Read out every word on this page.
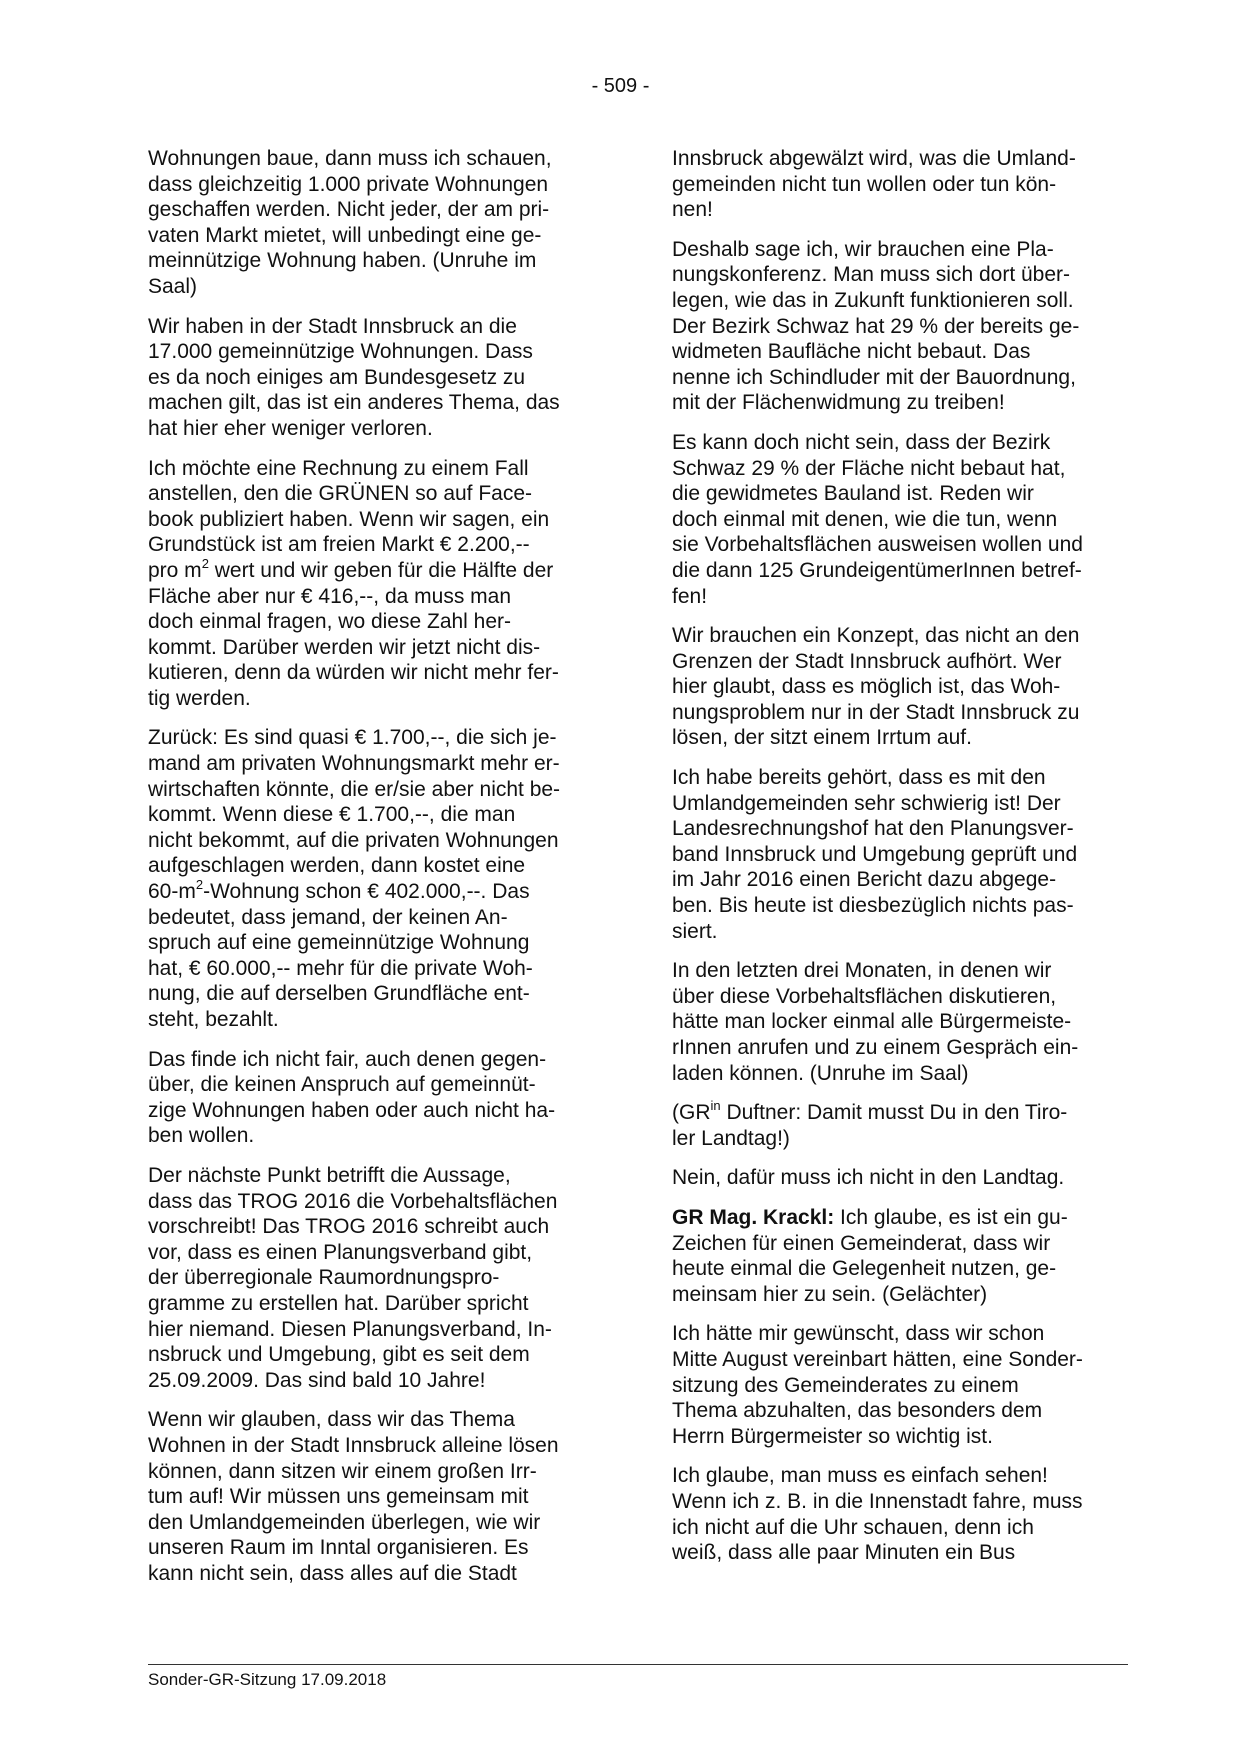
- 509 -

Wohnungen baue, dann muss ich schauen,
dass gleichzeitig 1.000 private Wohnungen
geschaffen werden. Nicht jeder, der am pri-
vaten Markt mietet, will unbedingt eine ge-
meinnützige Wohnung haben. (Unruhe im
Saal)

Wir haben in der Stadt Innsbruck an die
17.000 gemeinnützige Wohnungen. Dass
es da noch einiges am Bundesgesetz zu
machen gilt, das ist ein anderes Thema, das
hat hier eher weniger verloren.

Ich möchte eine Rechnung zu einem Fall
anstellen, den die GRÜNEN so auf Face-
book publiziert haben. Wenn wir sagen, ein
Grundstück ist am freien Markt € 2.200,--
pro $m^2$ wert und wir geben für die Hälfte der
Fläche aber nur € 416,--, da muss man
doch einmal fragen, wo diese Zahl her-
kommt. Darüber werden wir jetzt nicht dis-
kutieren, denn da würden wir nicht mehr fer-
tig werden.

Zurück: Es sind quasi € 1.700,--, die sich je-
mand am privaten Wohnungsmarkt mehr er-
wirtschaften könnte, die er/sie aber nicht be-
kommt. Wenn diese € 1.700,--, die man
nicht bekommt, auf die privaten Wohnungen
aufgeschlagen werden, dann kostet eine
$60-m^2$-Wohnung schon € 402.000,--. Das
bedeutet, dass jemand, der keinen An-
spruch auf eine gemeinnützige Wohnung
hat, € 60.000,-- mehr für die private Woh-
nung, die auf derselben Grundfläche ent-
steht, bezahlt.

Das finde ich nicht fair, auch denen gegen-
über, die keinen Anspruch auf gemeinnüt-
zige Wohnungen haben oder auch nicht ha-
ben wollen.

Der nächste Punkt betrifft die Aussage,
dass das TROG 2016 die Vorbehaltsflächen
vorschreibt! Das TROG 2016 schreibt auch
vor, dass es einen Planungsverband gibt,
der überregionale Raumordnungspro-
gramme zu erstellen hat. Darüber spricht
hier niemand. Diesen Planungsverband, In-
nsbruck und Umgebung, gibt es seit dem
25.09.2009. Das sind bald 10 Jahre!

Wenn wir glauben, dass wir das Thema
Wohnen in der Stadt Innsbruck alleine lösen
können, dann sitzen wir einem großen Irr-
tum auf! Wir müssen uns gemeinsam mit
den Umlandgemeinden überlegen, wie wir
unseren Raum im Inntal organisieren. Es
kann nicht sein, dass alles auf die Stadt

Innsbruck abgewälzt wird, was die Umland-
gemeinden nicht tun wollen oder tun kön-
nen!

Deshalb sage ich, wir brauchen eine Pla-
nungskonferenz. Man muss sich dort über-
legen, wie das in Zukunft funktionieren soll.
Der Bezirk Schwaz hat 29 % der bereits ge-
widmeten Baufläche nicht bebaut. Das
nenne ich Schindluder mit der Bauordnung,
mit der Flächenwidmung zu treiben!

Es kann doch nicht sein, dass der Bezirk
Schwaz 29 % der Fläche nicht bebaut hat,
die gewidmetes Bauland ist. Reden wir
doch einmal mit denen, wie die tun, wenn
sie Vorbehaltsflächen ausweisen wollen und
die dann 125 GrundeigentümerInnen betref-
fen!

Wir brauchen ein Konzept, das nicht an den
Grenzen der Stadt Innsbruck aufhört. Wer
hier glaubt, dass es möglich ist, das Woh-
nungsproblem nur in der Stadt Innsbruck zu
lösen, der sitzt einem Irrtum auf.

Ich habe bereits gehört, dass es mit den
Umlandgemeinden sehr schwierig ist! Der
Landesrechnungshof hat den Planungsver-
band Innsbruck und Umgebung geprüft und
im Jahr 2016 einen Bericht dazu abgege-
ben. Bis heute ist diesbezüglich nichts pas-
siert.

In den letzten drei Monaten, in denen wir
über diese Vorbehaltsflächen diskutieren,
hätte man locker einmal alle Bürgermeiste-
rInnen anrufen und zu einem Gespräch ein-
laden können. (Unruhe im Saal)

($GR^{in}$ Duftner: Damit musst Du in den Tiro-
ler Landtag!)

Nein, dafür muss ich nicht in den Landtag.

GR Mag. Krackl: Ich glaube, es ist ein gu-
Zeichen für einen Gemeinderat, dass wir
heute einmal die Gelegenheit nutzen, ge-
meinsam hier zu sein. (Gelächter)

Ich hätte mir gewünscht, dass wir schon
Mitte August vereinbart hätten, eine Sonder-
sitzung des Gemeinderates zu einem
Thema abzuhalten, das besonders dem
Herrn Bürgermeister so wichtig ist.

Ich glaube, man muss es einfach sehen!
Wenn ich z. B. in die Innenstadt fahre, muss
ich nicht auf die Uhr schauen, denn ich
weiß, dass alle paar Minuten ein Bus

Sonder-GR-Sitzung 17.09.2018
